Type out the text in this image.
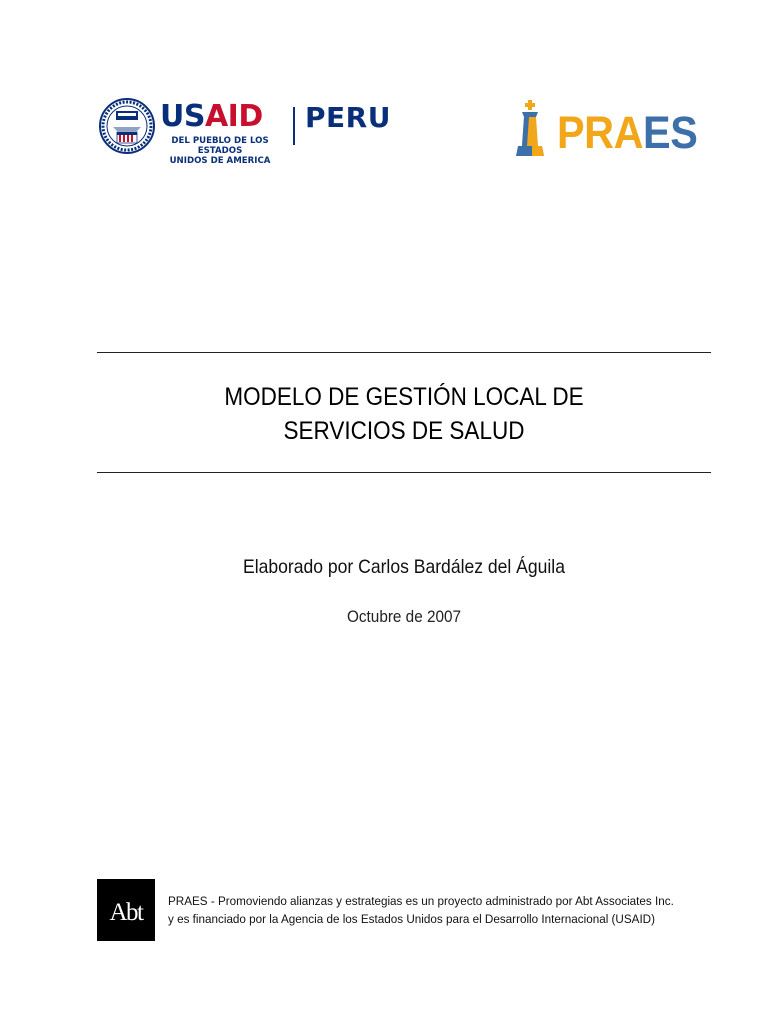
USAID
DEL PUEBLO DE LOS ESTADOS
UNIDOS DE AMERICA
PERU	PRAES
MODELO DE GESTIÓN LOCAL DE
SERVICIOS DE SALUD
Elaborado por Carlos Bardález del Águila
Octubre de 2007
Abt	PRAES - Promoviendo alianzas y estrategias es un proyecto administrado por Abt Associates Inc.
y es financiado por la Agencia de los Estados Unidos para el Desarrollo Internacional (USAID)
